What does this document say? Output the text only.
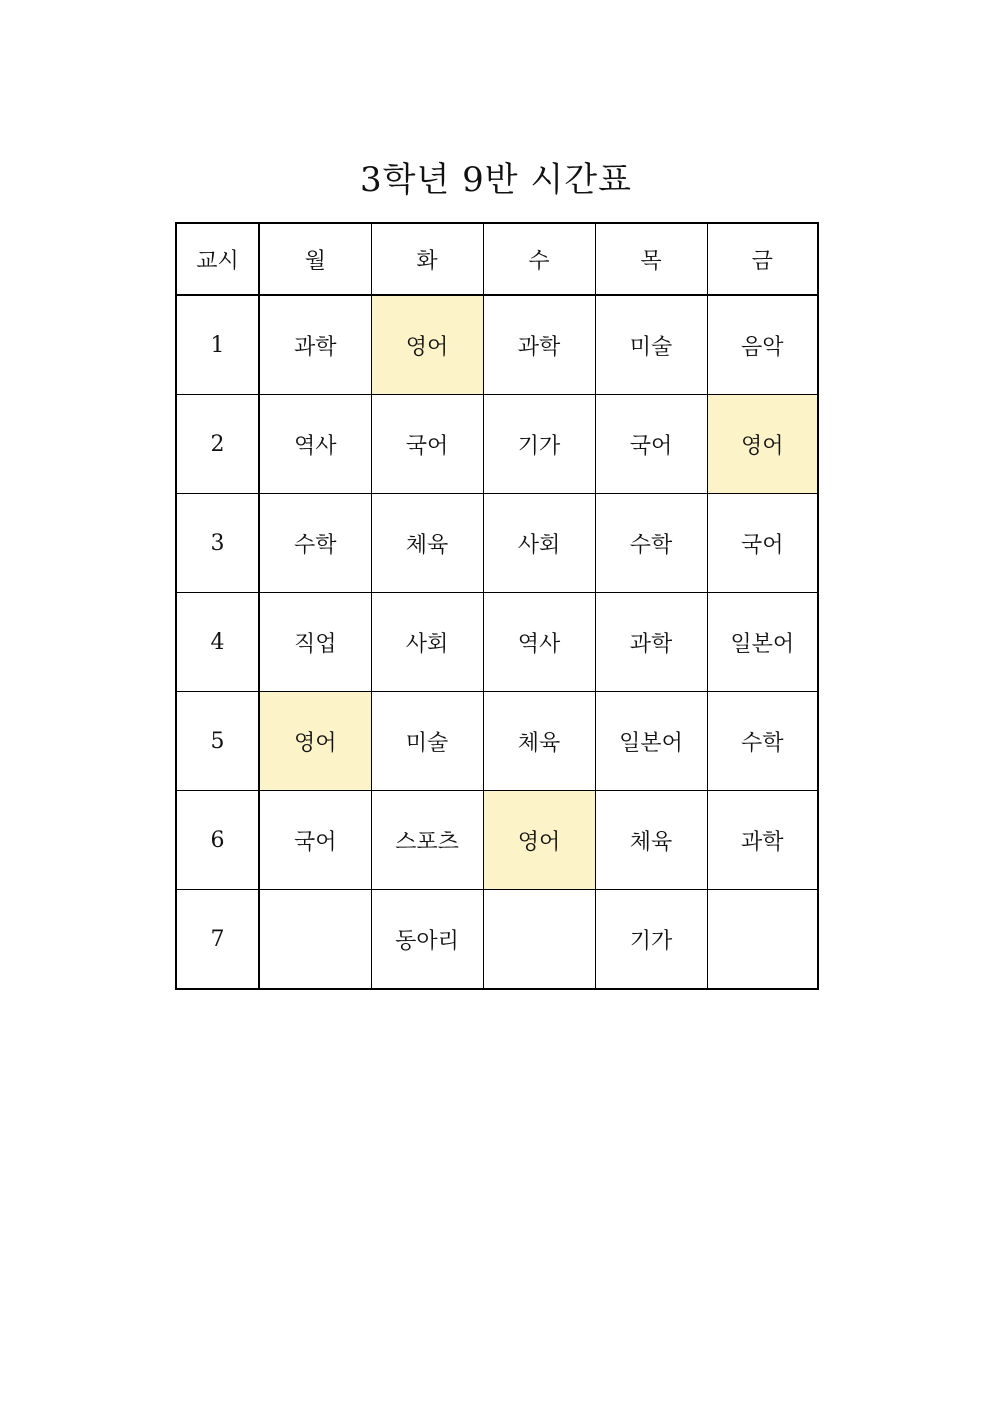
3학년 9반 시간표
교시	월	화	수	목	금
1	과학	영어	과학	미술	음악
2	역사	국어	기가	국어	영어
3	수학	체육	사회	수학	국어
4	직업	사회	역사	과학	일본어
5	영어	미술	체육	일본어	수학
6	국어	스포츠	영어	체육	과학
7		동아리		기가	
